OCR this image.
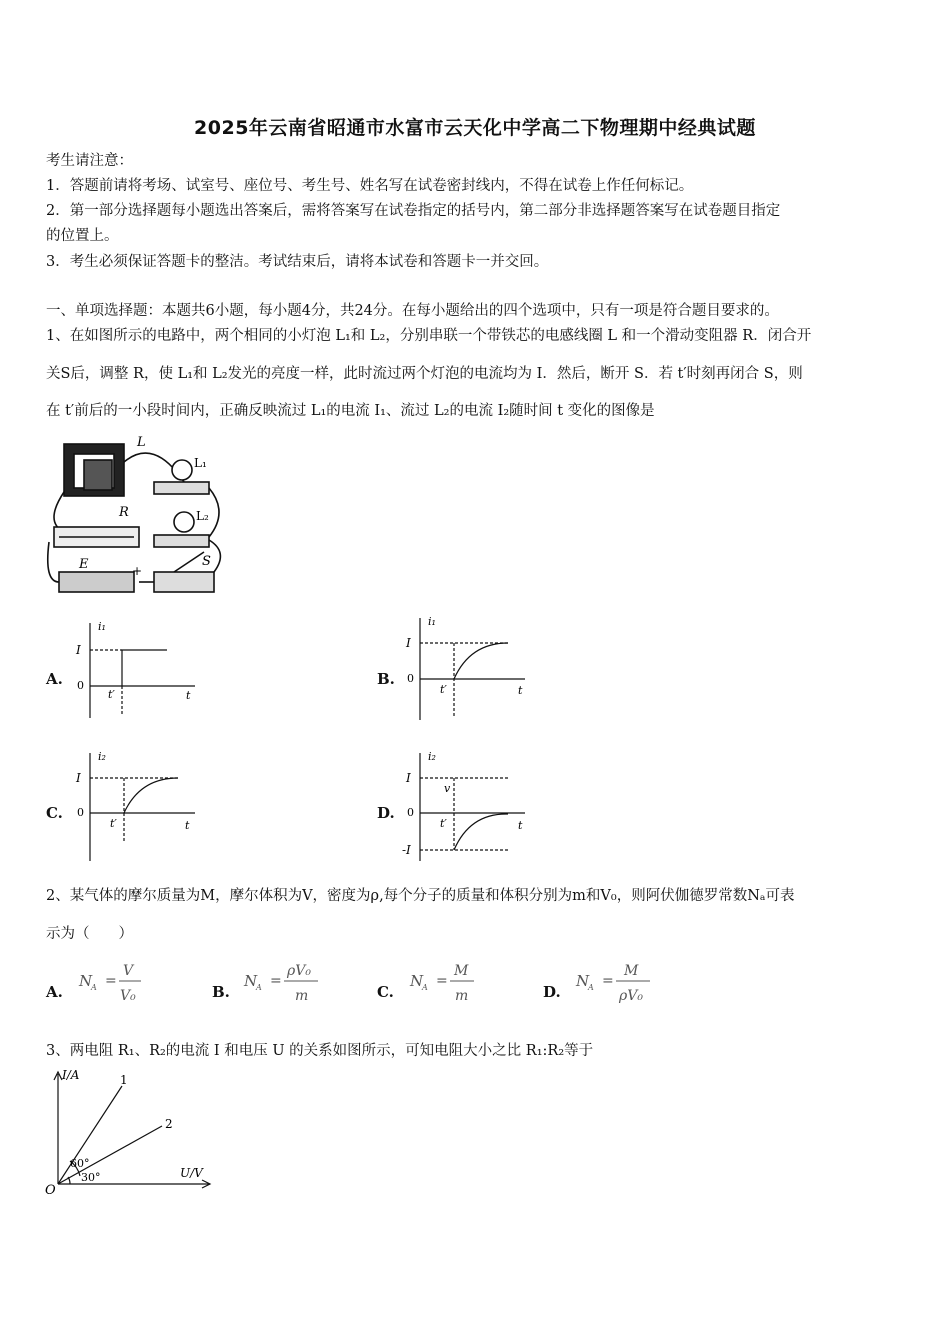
2025年云南省昭通市水富市云天化中学高二下物理期中经典试题
考生请注意：
1．答题前请将考场、试室号、座位号、考生号、姓名写在试卷密封线内，不得在试卷上作任何标记。
2．第一部分选择题每小题选出答案后，需将答案写在试卷指定的括号内，第二部分非选择题答案写在试卷题目指定
的位置上。
3．考生必须保证答题卡的整洁。考试结束后，请将本试卷和答题卡一并交回。
一、单项选择题：本题共6小题，每小题4分，共24分。在每小题给出的四个选项中，只有一项是符合题目要求的。
1、在如图所示的电路中，两个相同的小灯泡 L₁和 L₂，分别串联一个带铁芯的电感线圈 L 和一个滑动变阻器 R．闭合开
关S后，调整 R，使 L₁和 L₂发光的亮度一样，此时流过两个灯泡的电流均为 I．然后，断开 S．若 t′时刻再闭合 S，则
在 t′前后的一小段时间内，正确反映流过 L₁的电流 I₁、流过 L₂的电流 I₂随时间 t 变化的图像是
L
L₁
L₂
R
E	S
+
A.
i₁
I
0
t′	t
B.
i₁
I
0
t′	t
C.
i₂
I
0
t′	t
D.
i₂
I
v
0
t′	t
-I
2、某气体的摩尔质量为M，摩尔体积为V，密度为ρ,每个分子的质量和体积分别为m和V₀，则阿伏伽德罗常数Nₐ可表
示为（　　）
A.
N
A =
V
V₀	B.
N
A =
ρV₀
m	C.
N
A =
M
m	D.
N
A =
M
ρV₀
3、两电阻 R₁、R₂的电流 I 和电压 U 的关系如图所示，可知电阻大小之比 R₁:R₂等于
I/A
U/V
O
1
2
60°
30°
